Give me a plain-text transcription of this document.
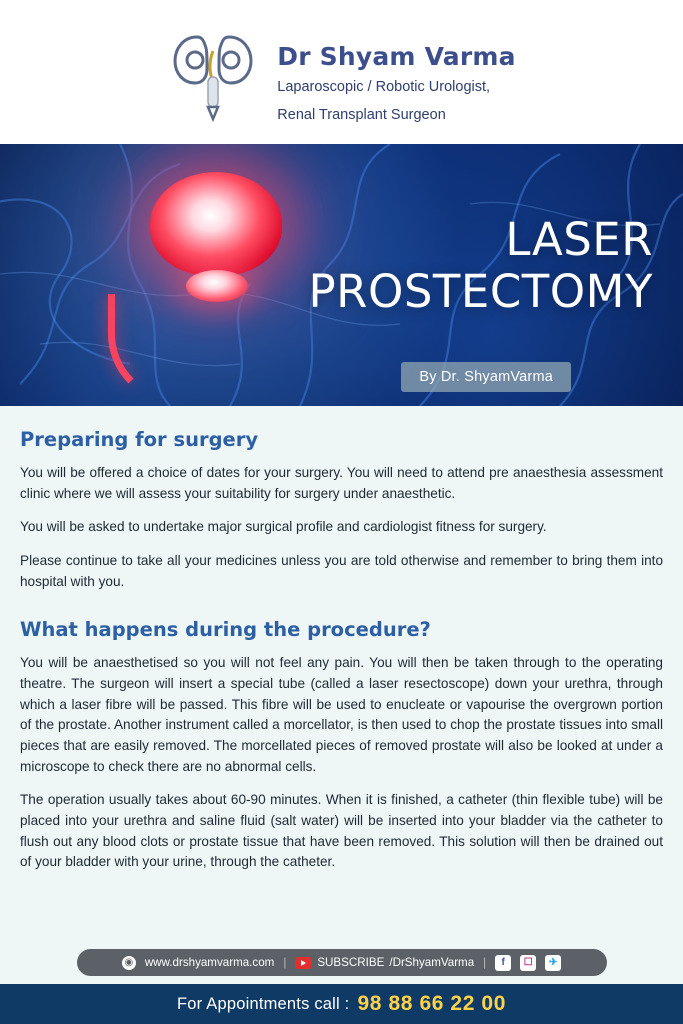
Dr Shyam Varma
Laparoscopic / Robotic Urologist,
Renal Transplant Surgeon
LASER
PROSTECTOMY
By Dr. ShyamVarma
Preparing for surgery

You will be offered a choice of dates for your surgery. You will need to attend pre anaesthesia assessment clinic where we will assess your suitability for surgery under anaesthetic.

You will be asked to undertake major surgical profile and cardiologist fitness for surgery.

Please continue to take all your medicines unless you are told otherwise and remember to bring them into hospital with you.

What happens during the procedure?

You will be anaesthetised so you will not feel any pain. You will then be taken through to the operating theatre. The surgeon will insert a special tube (called a laser resectoscope) down your urethra, through which a laser fibre will be passed. This fibre will be used to enucleate or vapourise the overgrown portion of the prostate. Another instrument called a morcellator, is then used to chop the prostate tissues into small pieces that are easily removed. The morcellated pieces of removed prostate will also be looked at under a microscope to check there are no abnormal cells.

The operation usually takes about 60-90 minutes. When it is finished, a catheter (thin flexible tube) will be placed into your urethra and saline fluid (salt water) will be inserted into your bladder via the catheter to flush out any blood clots or prostate tissue that have been removed. This solution will then be drained out of your bladder with your urine, through the catheter.

◉ www.drshyamvarma.com |	SUBSCRIBE /DrShyamVarma |	f	☐	✈
For Appointments call : 98 88 66 22 00
